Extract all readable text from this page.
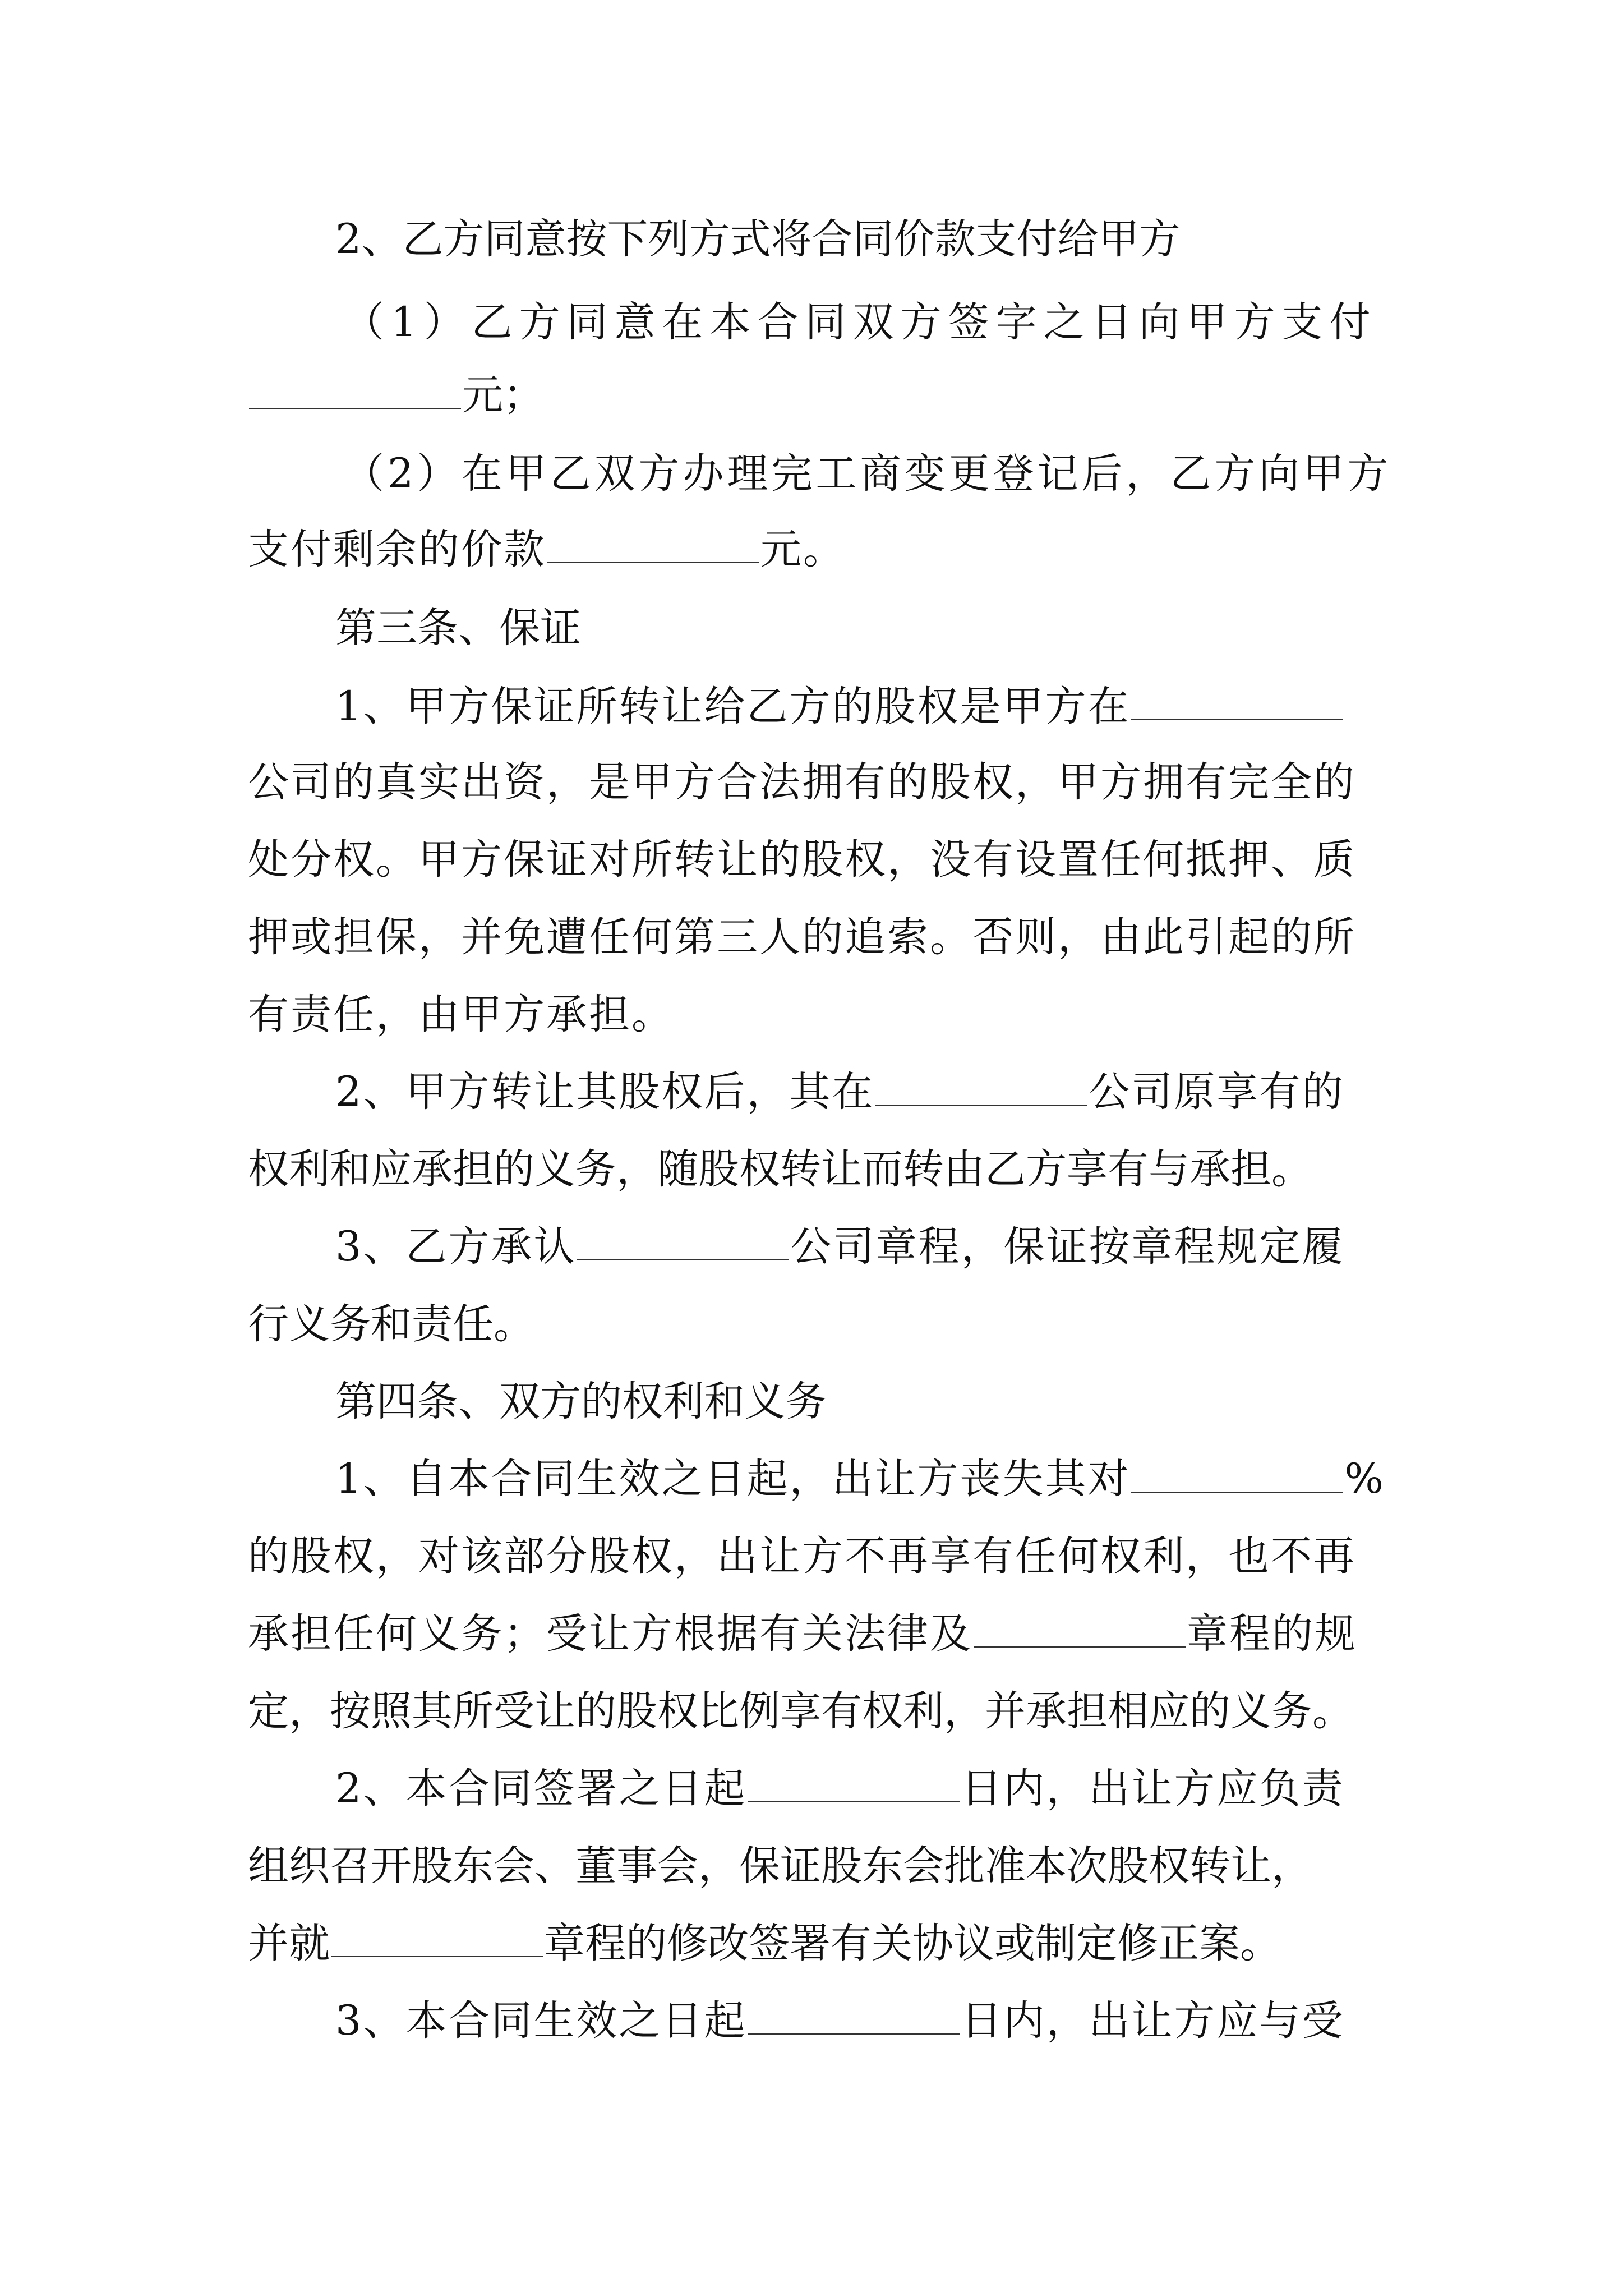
2、乙方同意按下列方式将合同价款支付给甲方
（1）乙方同意在本合同双方签字之日向甲方支付
元；
（2）在甲乙双方办理完工商变更登记后，乙方向甲方
支付剩余的价款	元。
第三条、保证
1、甲方保证所转让给乙方的股权是甲方在
公司的真实出资，是甲方合法拥有的股权，甲方拥有完全的
处分权。甲方保证对所转让的股权，没有设置任何抵押、质
押或担保，并免遭任何第三人的追索。否则，由此引起的所
有责任，由甲方承担。
2、甲方转让其股权后，其在	公司原享有的
权利和应承担的义务，随股权转让而转由乙方享有与承担。
3、乙方承认	公司章程，保证按章程规定履
行义务和责任。
第四条、双方的权利和义务
1、自本合同生效之日起，出让方丧失其对	%
的股权，对该部分股权，出让方不再享有任何权利，也不再
承担任何义务；受让方根据有关法律及	章程的规
定，按照其所受让的股权比例享有权利，并承担相应的义务。
2、本合同签署之日起	日内，出让方应负责
组织召开股东会、董事会，保证股东会批准本次股权转让，
并就	章程的修改签署有关协议或制定修正案。
3、本合同生效之日起	日内，出让方应与受
